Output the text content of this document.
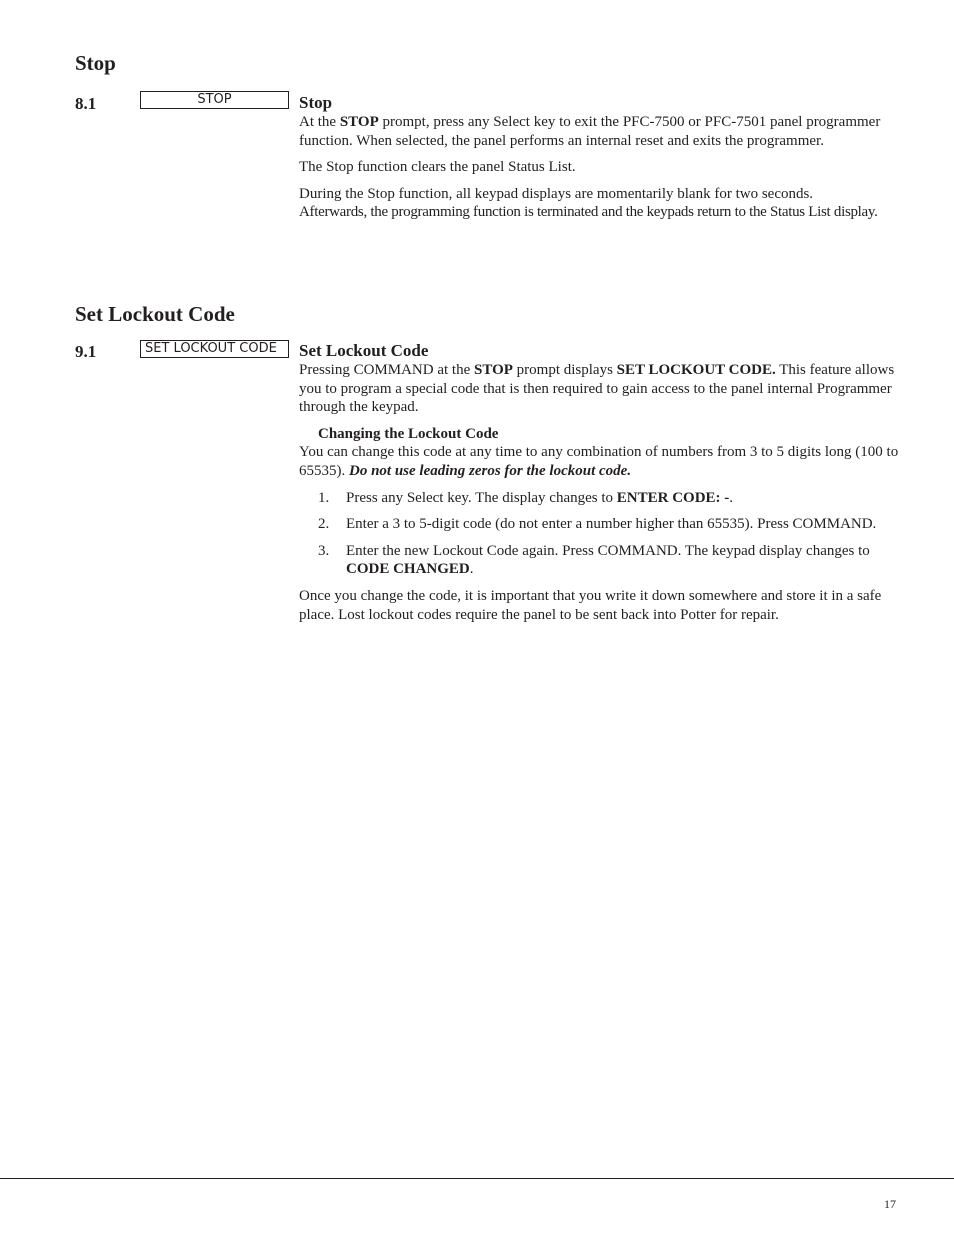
Stop
8.1	STOP	Stop

At the STOP prompt, press any Select key to exit the PFC-7500 or PFC-7501 panel programmer function. When selected, the panel performs an internal reset and exits the programmer.

The Stop function clears the panel Status List.

During the Stop function, all keypad displays are momentarily blank for two seconds.
Afterwards, the programming function is terminated and the keypads return to the Status List display.

Set Lockout Code
9.1	SET LOCKOUT CODE	Set Lockout Code

Pressing COMMAND at the STOP prompt displays SET LOCKOUT CODE. This feature allows you to program a special code that is then required to gain access to the panel internal Programmer through the keypad.

Changing the Lockout Code

You can change this code at any time to any combination of numbers from 3 to 5 digits long (100 to 65535). Do not use leading zeros for the lockout code.

1. Press any Select key. The display changes to ENTER CODE: -.
2. Enter a 3 to 5-digit code (do not enter a number higher than 65535). Press COMMAND.
3. Enter the new Lockout Code again. Press COMMAND. The keypad display changes to CODE CHANGED.

Once you change the code, it is important that you write it down somewhere and store it in a safe place. Lost lockout codes require the panel to be sent back into Potter for repair.

17
